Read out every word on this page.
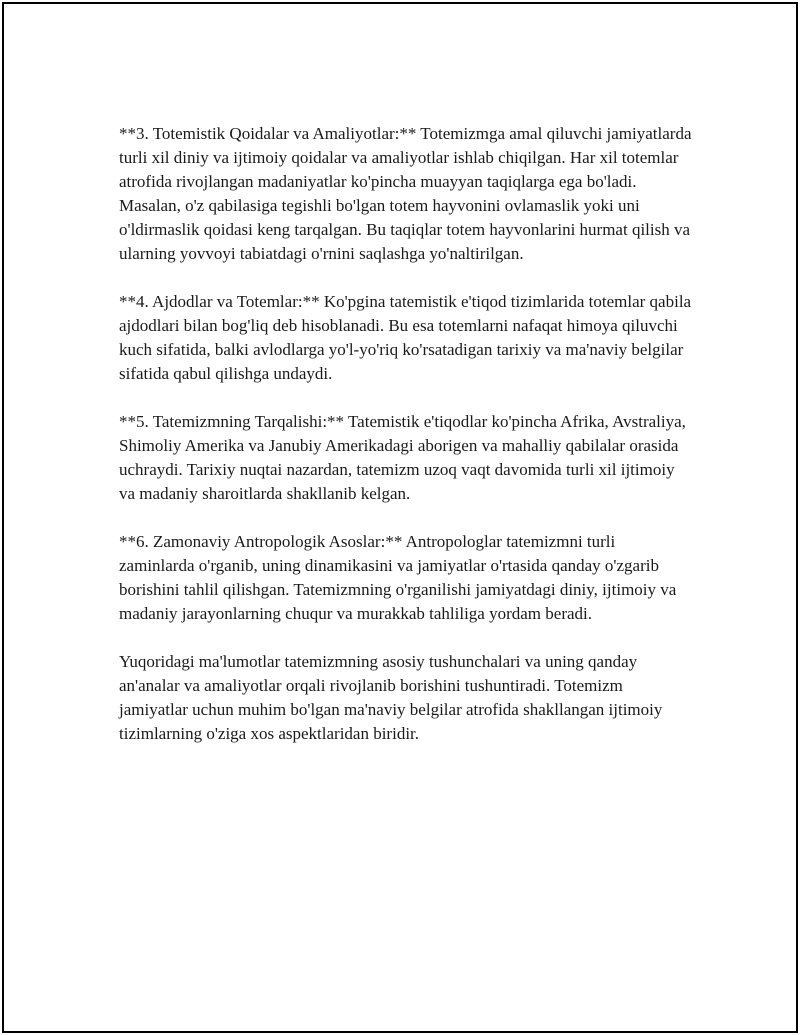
**3. Totemistik Qoidalar va Amaliyotlar:** Totemizmga amal qiluvchi jamiyatlarda turli xil diniy va ijtimoiy qoidalar va amaliyotlar ishlab chiqilgan. Har xil totemlar atrofida rivojlangan madaniyatlar ko'pincha muayyan taqiqlarga ega bo'ladi. Masalan, o'z qabilasiga tegishli bo'lgan totem hayvonini ovlamaslik yoki uni o'ldirmaslik qoidasi keng tarqalgan. Bu taqiqlar totem hayvonlarini hurmat qilish va ularning yovvoyi tabiatdagi o'rnini saqlashga yo'naltirilgan.

**4. Ajdodlar va Totemlar:** Ko'pgina tatemistik e'tiqod tizimlarida totemlar qabila ajdodlari bilan bog'liq deb hisoblanadi. Bu esa totemlarni nafaqat himoya qiluvchi kuch sifatida, balki avlodlarga yo'l-yo'riq ko'rsatadigan tarixiy va ma'naviy belgilar sifatida qabul qilishga undaydi.

**5. Tatemizmning Tarqalishi:** Tatemistik e'tiqodlar ko'pincha Afrika, Avstraliya, Shimoliy Amerika va Janubiy Amerikadagi aborigen va mahalliy qabilalar orasida uchraydi. Tarixiy nuqtai nazardan, tatemizm uzoq vaqt davomida turli xil ijtimoiy va madaniy sharoitlarda shakllanib kelgan.

**6. Zamonaviy Antropologik Asoslar:** Antropologlar tatemizmni turli zaminlarda o'rganib, uning dinamikasini va jamiyatlar o'rtasida qanday o'zgarib borishini tahlil qilishgan. Tatemizmning o'rganilishi jamiyatdagi diniy, ijtimoiy va madaniy jarayonlarning chuqur va murakkab tahliliga yordam beradi.

Yuqoridagi ma'lumotlar tatemizmning asosiy tushunchalari va uning qanday an'analar va amaliyotlar orqali rivojlanib borishini tushuntiradi. Totemizm jamiyatlar uchun muhim bo'lgan ma'naviy belgilar atrofida shakllangan ijtimoiy tizimlarning o'ziga xos aspektlaridan biridir.
